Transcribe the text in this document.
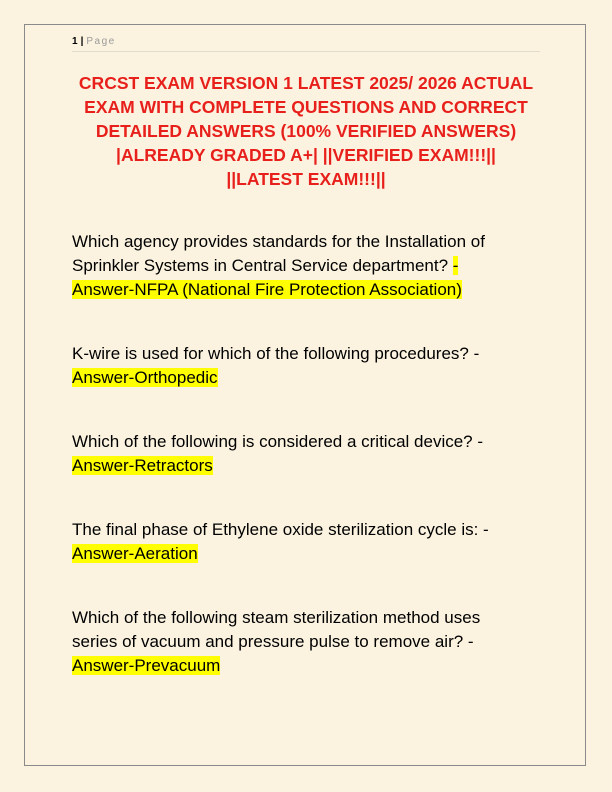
1 | Page
CRCST EXAM VERSION 1 LATEST 2025/ 2026 ACTUAL
EXAM WITH COMPLETE QUESTIONS AND CORRECT
DETAILED ANSWERS (100% VERIFIED ANSWERS)
|ALREADY GRADED A+| ||VERIFIED EXAM!!!||
||LATEST EXAM!!!||
Which agency provides standards for the Installation of
Sprinkler Systems in Central Service department? -
Answer-NFPA (National Fire Protection Association)
K-wire is used for which of the following procedures? -
Answer-Orthopedic
Which of the following is considered a critical device? -
Answer-Retractors
The final phase of Ethylene oxide sterilization cycle is: -
Answer-Aeration
Which of the following steam sterilization method uses
series of vacuum and pressure pulse to remove air? -
Answer-Prevacuum
